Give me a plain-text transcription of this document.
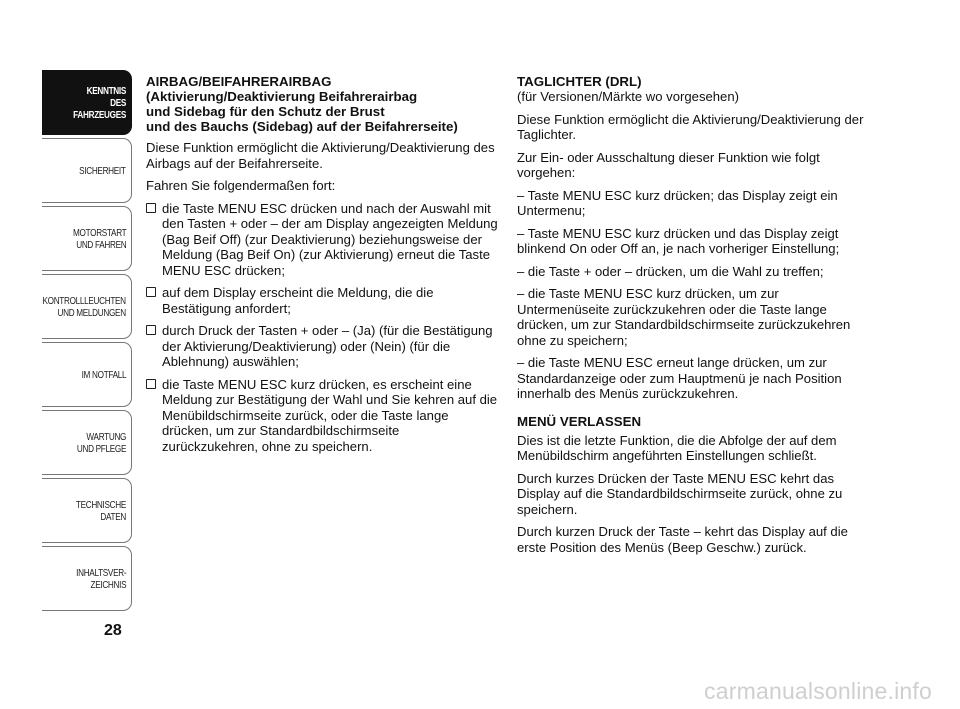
KENNTNIS
DES FAHRZEUGES
SICHERHEIT
MOTORSTART
UND FAHREN
KONTROLLLEUCHTEN
UND MELDUNGEN
IM NOTFALL
WARTUNG
UND PFLEGE
TECHNISCHE DATEN
INHALTSVER-
ZEICHNIS
28
AIRBAG/BEIFAHRERAIRBAG
(Aktivierung/Deaktivierung Beifahrerairbag
und Sidebag für den Schutz der Brust
und des Bauchs (Sidebag) auf der Beifahrerseite)

Diese Funktion ermöglicht die Aktivierung/Deaktivierung des Airbags auf der Beifahrerseite.

Fahren Sie folgendermaßen fort:

die Taste MENU ESC drücken und nach der Auswahl mit den Tasten + oder – der am Display angezeigten Meldung (Bag Beif Off) (zur Deaktivierung) beziehungsweise der Meldung (Bag Beif On) (zur Aktivierung) erneut die Taste MENU ESC drücken;
auf dem Display erscheint die Meldung, die die Bestätigung anfordert;
durch Druck der Tasten + oder – (Ja) (für die Bestätigung der Aktivierung/Deaktivierung) oder (Nein) (für die Ablehnung) auswählen;
die Taste MENU ESC kurz drücken, es erscheint eine Meldung zur Bestätigung der Wahl und Sie kehren auf die Menübildschirmseite zurück, oder die Taste lange drücken, um zur Standardbildschirmseite zurückzukehren, ohne zu speichern.
TAGLICHTER (DRL)

(für Versionen/Märkte wo vorgesehen)

Diese Funktion ermöglicht die Aktivierung/Deaktivierung der Taglichter.

Zur Ein- oder Ausschaltung dieser Funktion wie folgt vorgehen:

– Taste MENU ESC kurz drücken; das Display zeigt ein Untermenu;

– Taste MENU ESC kurz drücken und das Display zeigt blinkend On oder Off an, je nach vorheriger Einstellung;

– die Taste + oder – drücken, um die Wahl zu treffen;

– die Taste MENU ESC kurz drücken, um zur Untermenüseite zurückzukehren oder die Taste lange drücken, um zur Standardbildschirmseite zurückzukehren ohne zu speichern;

– die Taste MENU ESC erneut lange drücken, um zur Standardanzeige oder zum Hauptmenü je nach Position innerhalb des Menüs zurückzukehren.

MENÜ VERLASSEN

Dies ist die letzte Funktion, die die Abfolge der auf dem Menübildschirm angeführten Einstellungen schließt.

Durch kurzes Drücken der Taste MENU ESC kehrt das Display auf die Standardbildschirmseite zurück, ohne zu speichern.

Durch kurzen Druck der Taste – kehrt das Display auf die erste Position des Menüs (Beep Geschw.) zurück.

carmanualsonline.info
